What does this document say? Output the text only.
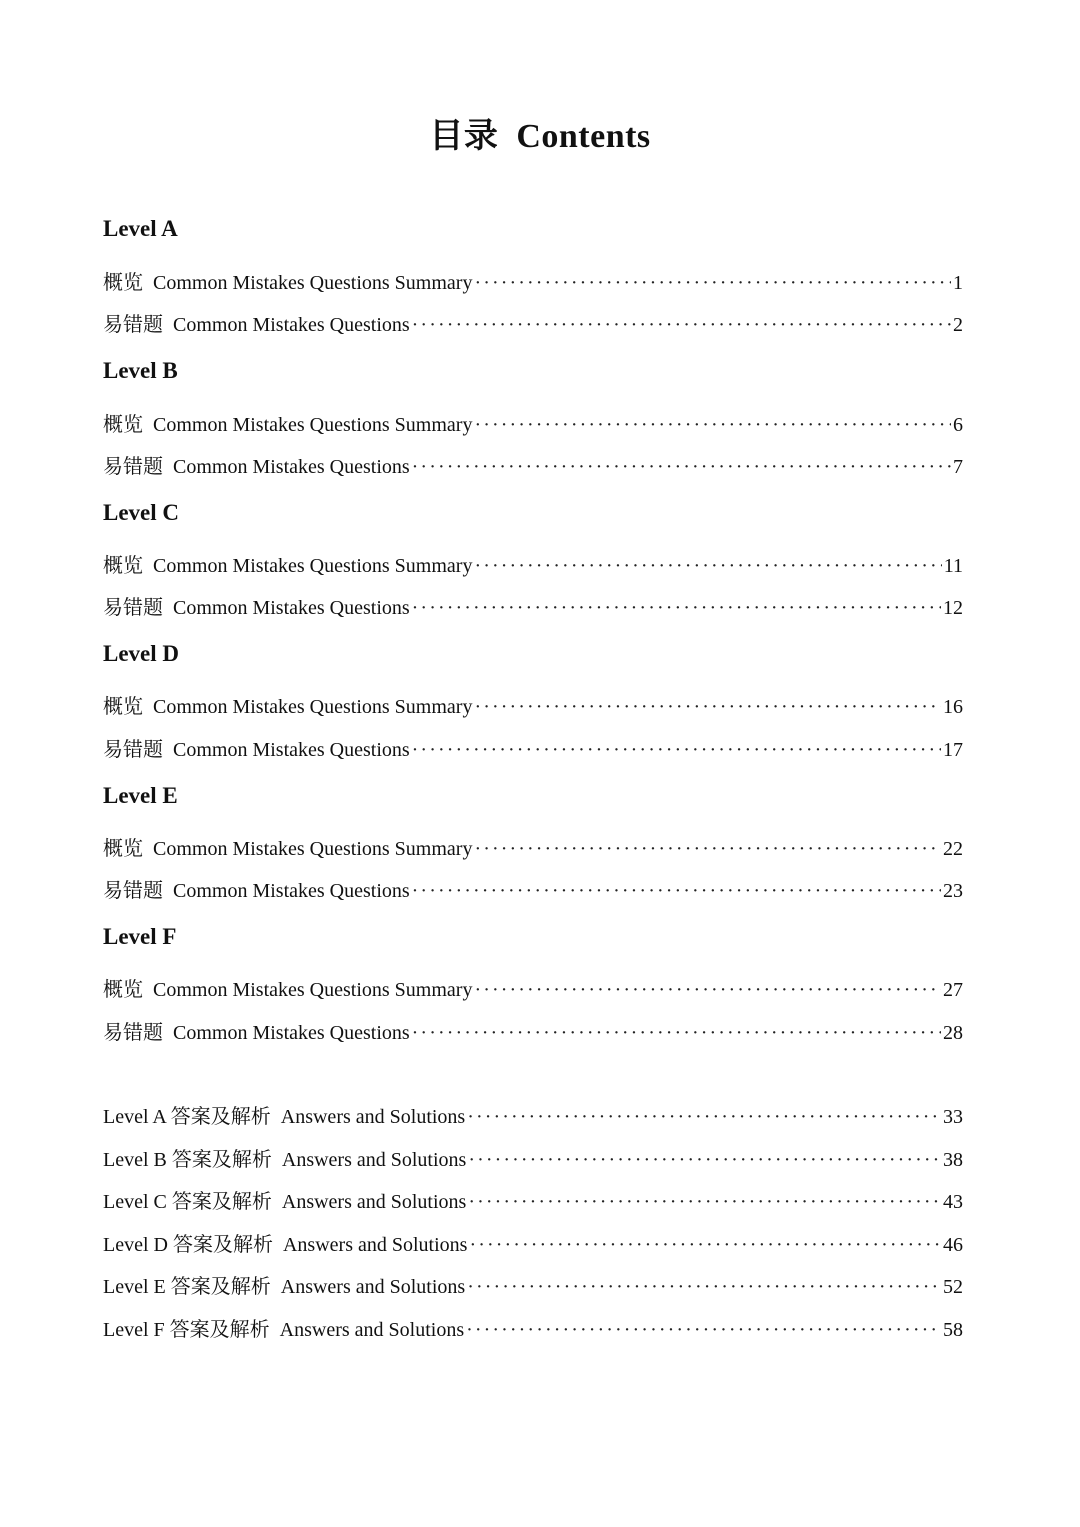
目录 Contents
Level A
概览 Common Mistakes Questions Summary ·····	1
易错题 Common Mistakes Questions ·····	2
Level B
概览 Common Mistakes Questions Summary ·····	6
易错题 Common Mistakes Questions ·····	7
Level C
概览 Common Mistakes Questions Summary ·····	11
易错题 Common Mistakes Questions ·····	12
Level D
概览 Common Mistakes Questions Summary ·····	16
易错题 Common Mistakes Questions ·····	17
Level E
概览 Common Mistakes Questions Summary ·····	22
易错题 Common Mistakes Questions ·····	23
Level F
概览 Common Mistakes Questions Summary ·····	27
易错题 Common Mistakes Questions ·····	28
Level A 答案及解析 Answers and Solutions ·····	33
Level B 答案及解析 Answers and Solutions ·····	38
Level C 答案及解析 Answers and Solutions ·····	43
Level D 答案及解析 Answers and Solutions ·····	46
Level E 答案及解析 Answers and Solutions ·····	52
Level F 答案及解析 Answers and Solutions ·····	58
